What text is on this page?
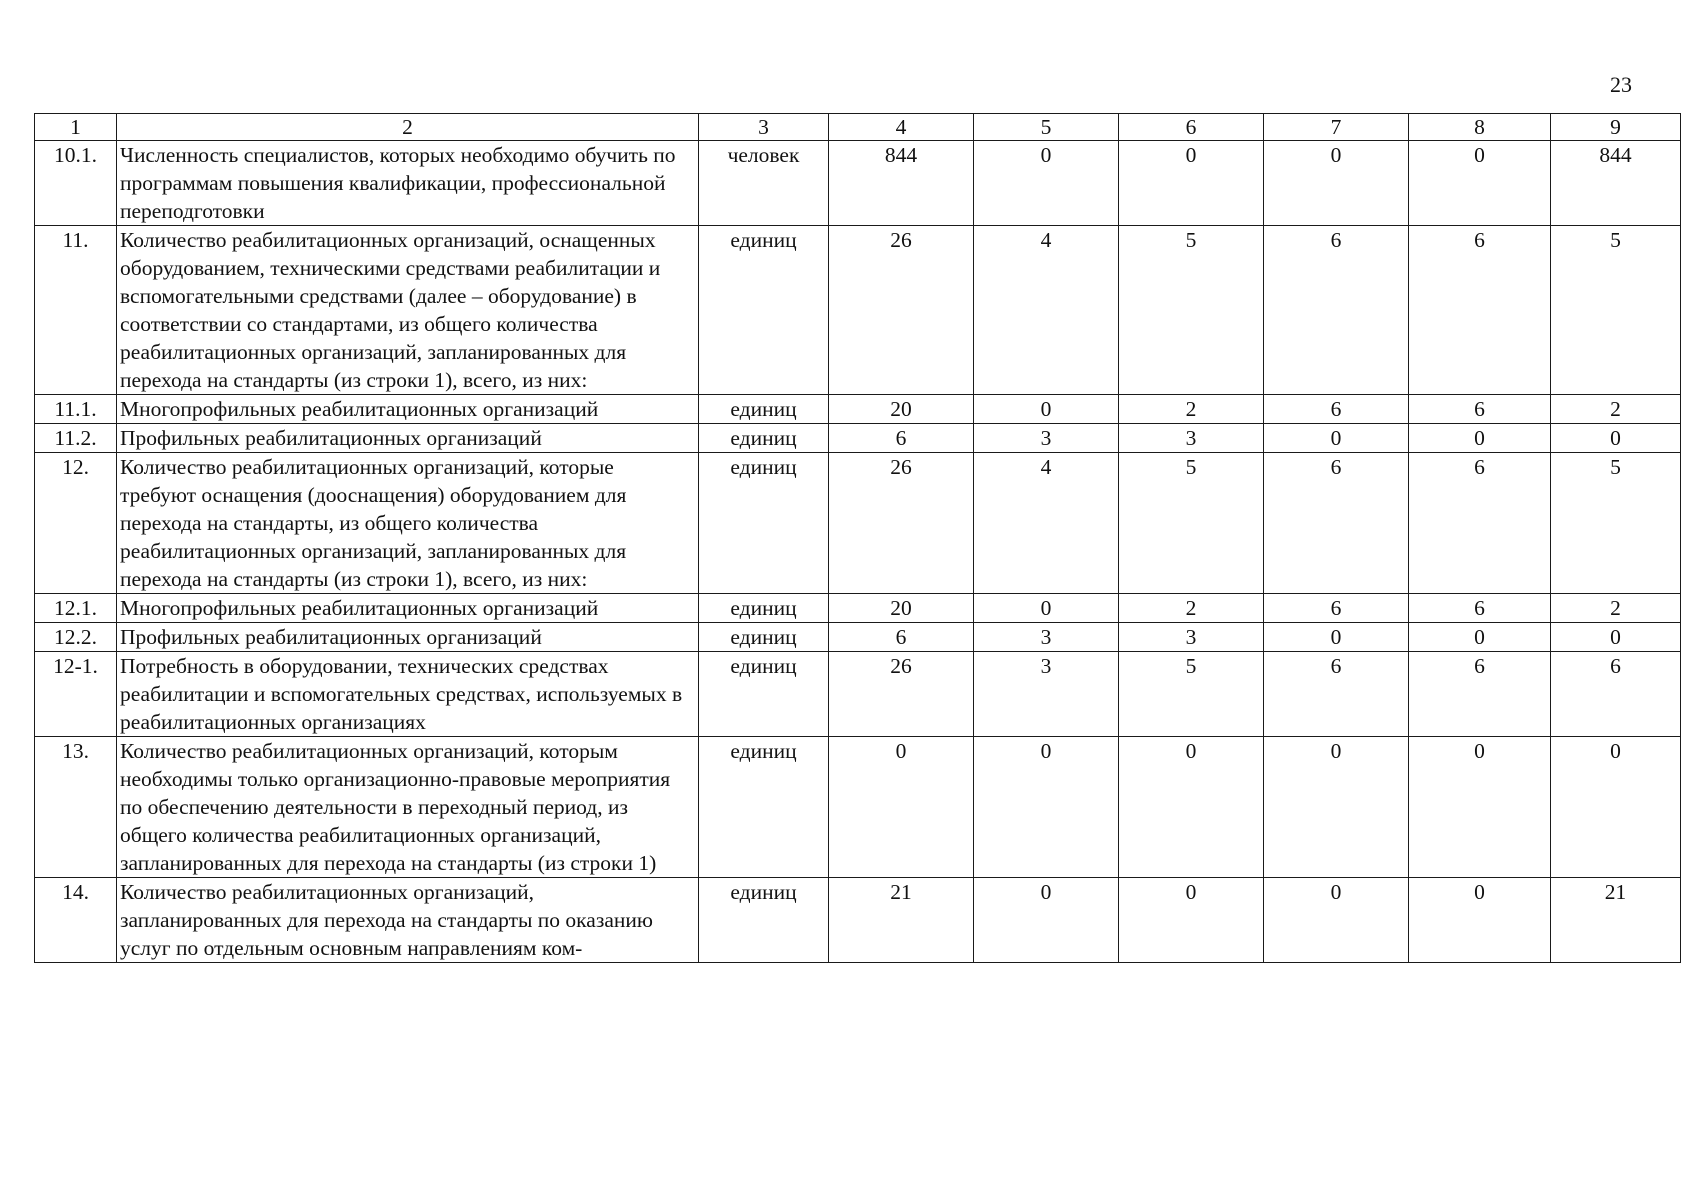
23
1	2	3	4	5	6	7	8	9
10.1.	Численность специалистов, которых необходимо обучить по программам повышения квалификации, профессиональной переподготовки	человек	844	0	0	0	0	844
11.	Количество реабилитационных организаций, оснащенных оборудованием, техническими средствами реабилитации и вспомогательными средствами (далее – оборудование) в соответствии со стандартами, из общего количества реабилитационных организаций, запланированных для перехода на стандарты (из строки 1), всего, из них:	единиц	26	4	5	6	6	5
11.1.	Многопрофильных реабилитационных организаций	единиц	20	0	2	6	6	2
11.2.	Профильных реабилитационных организаций	единиц	6	3	3	0	0	0
12.	Количество реабилитационных организаций, которые требуют оснащения (дооснащения) оборудованием для перехода на стандарты, из общего количества реабилитационных организаций, запланированных для перехода на стандарты (из строки 1), всего, из них:	единиц	26	4	5	6	6	5
12.1.	Многопрофильных реабилитационных организаций	единиц	20	0	2	6	6	2
12.2.	Профильных реабилитационных организаций	единиц	6	3	3	0	0	0
12-1.	Потребность в оборудовании, технических средствах реабилитации и вспомогательных средствах, используемых в реабилитационных организациях	единиц	26	3	5	6	6	6
13.	Количество реабилитационных организаций, которым необходимы только организационно-правовые мероприятия по обеспечению деятельности в переходный период, из общего количества реабилитационных организаций, запланированных для перехода на стандарты (из строки 1)	единиц	0	0	0	0	0	0
14.	Количество реабилитационных организаций, запланированных для перехода на стандарты по оказанию услуг по отдельным основным направлениям ком-	единиц	21	0	0	0	0	21
